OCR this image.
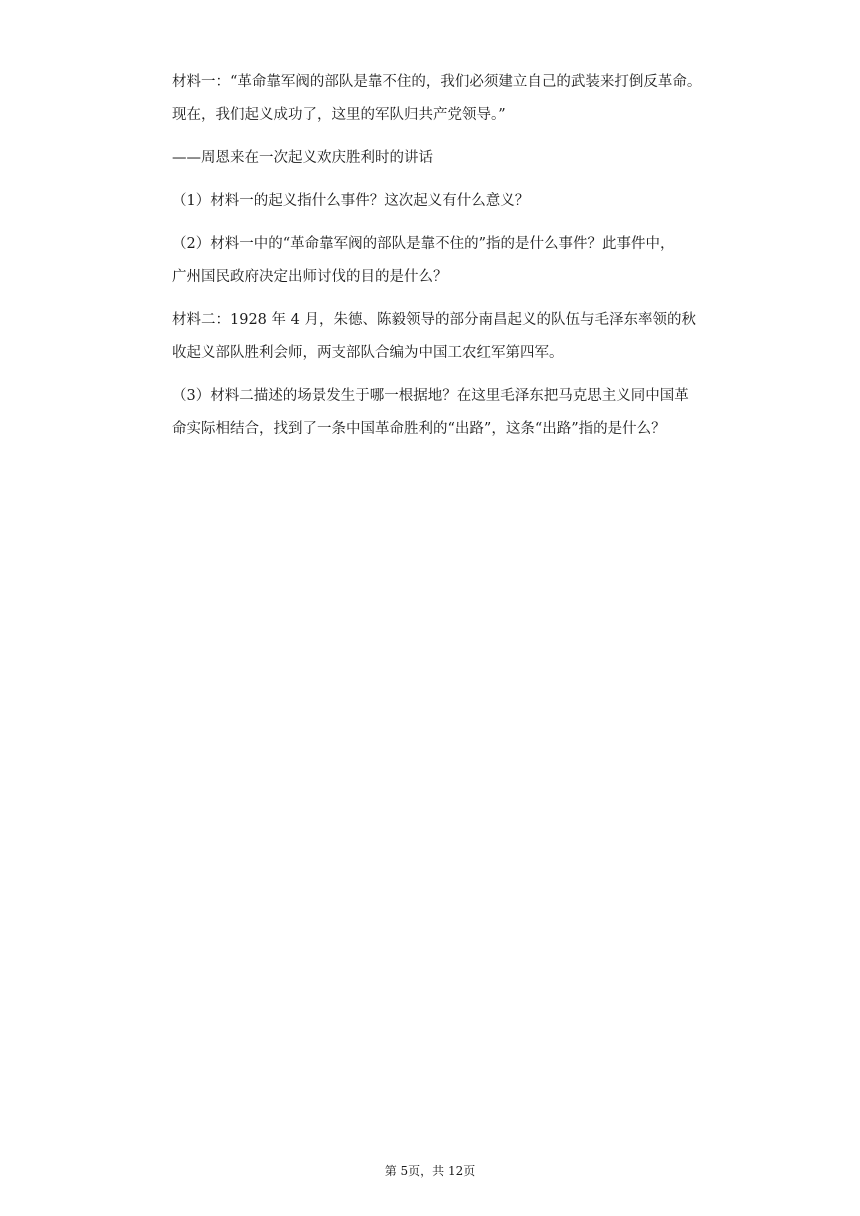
材料一：“革命靠军阀的部队是靠不住的，我们必须建立自己的武装来打倒反革命。
现在，我们起义成功了，这里的军队归共产党领导。”

——周恩来在一次起义欢庆胜利时的讲话

（1）材料一的起义指什么事件？这次起义有什么意义？

（2）材料一中的“革命靠军阀的部队是靠不住的”指的是什么事件？此事件中，
广州国民政府决定出师讨伐的目的是什么？

材料二：1928 年 4 月，朱德、陈毅领导的部分南昌起义的队伍与毛泽东率领的秋
收起义部队胜利会师，两支部队合编为中国工农红军第四军。

（3）材料二描述的场景发生于哪一根据地？在这里毛泽东把马克思主义同中国革
命实际相结合，找到了一条中国革命胜利的“出路”，这条“出路”指的是什么？

第 5页，共 12页
